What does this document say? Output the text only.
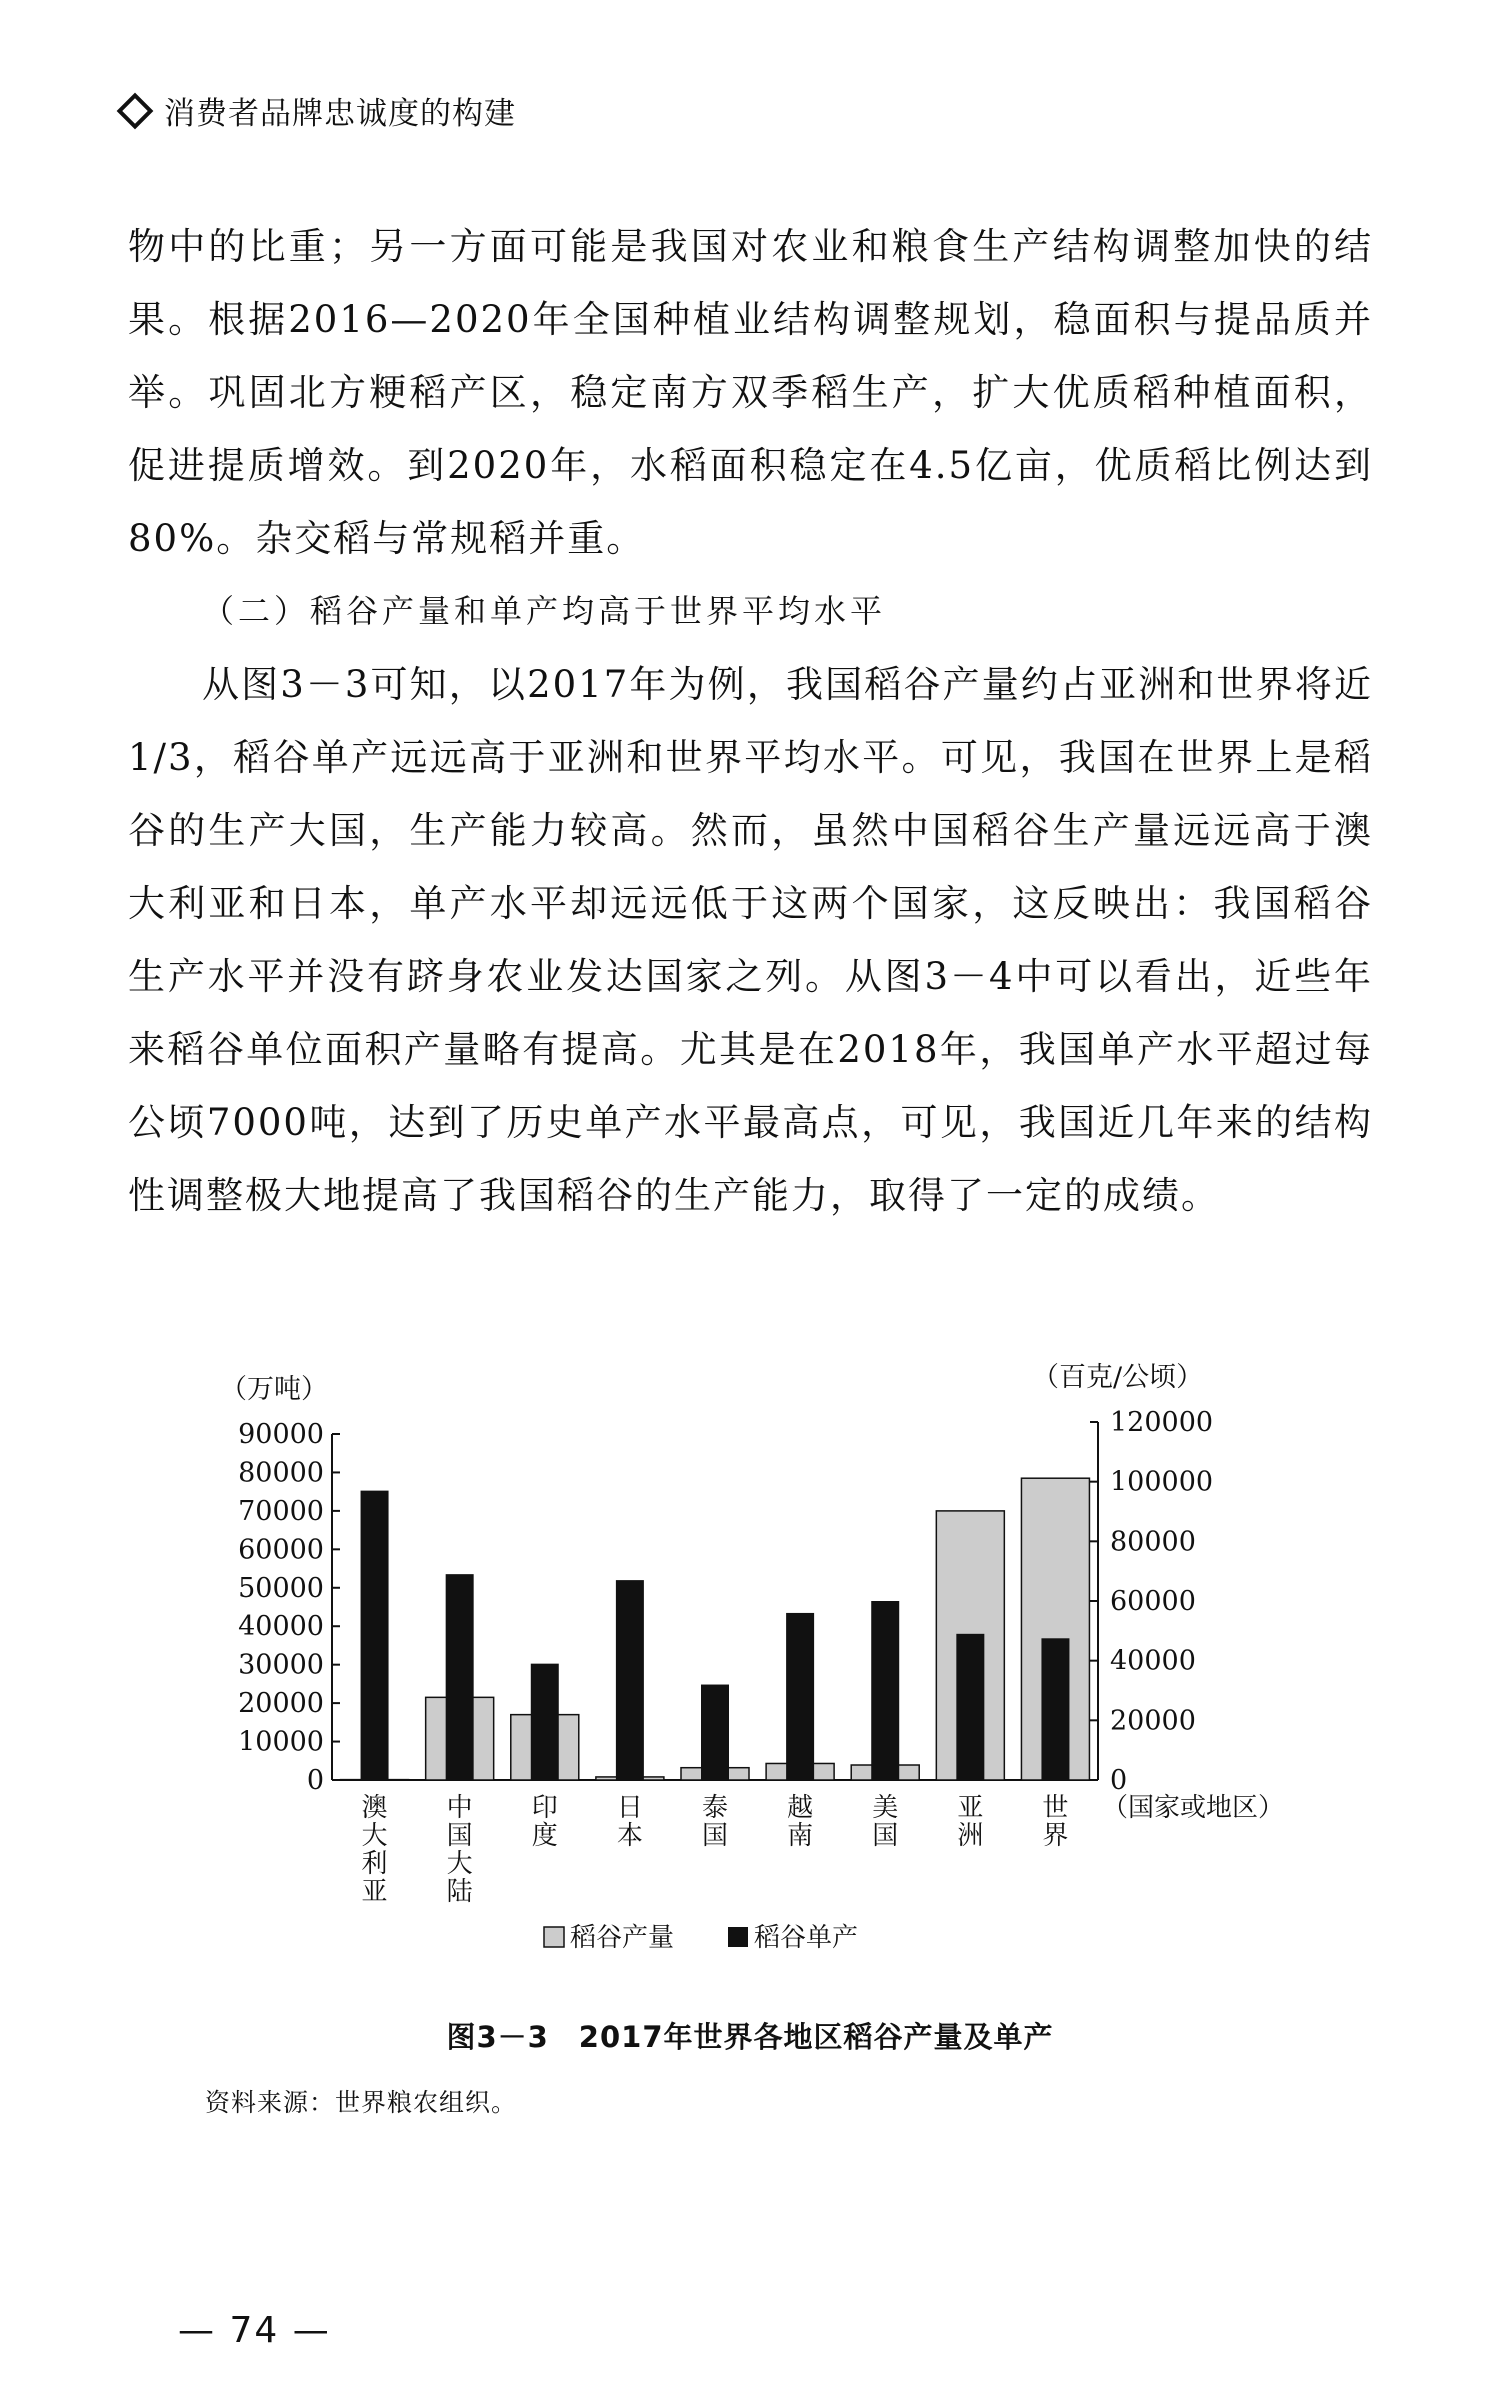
消费者品牌忠诚度的构建

物中的比重；另一方面可能是我国对农业和粮食生产结构调整加快的结果。根据2016—2020年全国种植业结构调整规划，稳面积与提品质并举。巩固北方粳稻产区，稳定南方双季稻生产，扩大优质稻种植面积，促进提质增效。到2020年，水稻面积稳定在4.5亿亩，优质稻比例达到80%。杂交稻与常规稻并重。

（二）稻谷产量和单产均高于世界平均水平

从图3－3可知，以2017年为例，我国稻谷产量约占亚洲和世界将近1/3，稻谷单产远远高于亚洲和世界平均水平。可见，我国在世界上是稻谷的生产大国，生产能力较高。然而，虽然中国稻谷生产量远远高于澳大利亚和日本，单产水平却远远低于这两个国家，这反映出：我国稻谷生产水平并没有跻身农业发达国家之列。从图3－4中可以看出，近些年来稻谷单位面积产量略有提高。尤其是在2018年，我国单产水平超过每公顷7000吨，达到了历史单产水平最高点，可见，我国近几年来的结构性调整极大地提高了我国稻谷的生产能力，取得了一定的成绩。

0
10000
20000
30000
40000
50000
60000
70000
80000
90000
0
20000
40000
60000
80000
100000
120000
（万吨）	（百克/公顷）
澳
大
利
亚
中
国
大
陆
印
度
日
本
泰
国
越
南
美
国
亚
洲
世
界
（国家或地区）
稻谷产量	稻谷单产
图3－3　2017年世界各地区稻谷产量及单产
资料来源：世界粮农组织。
— 74 —
